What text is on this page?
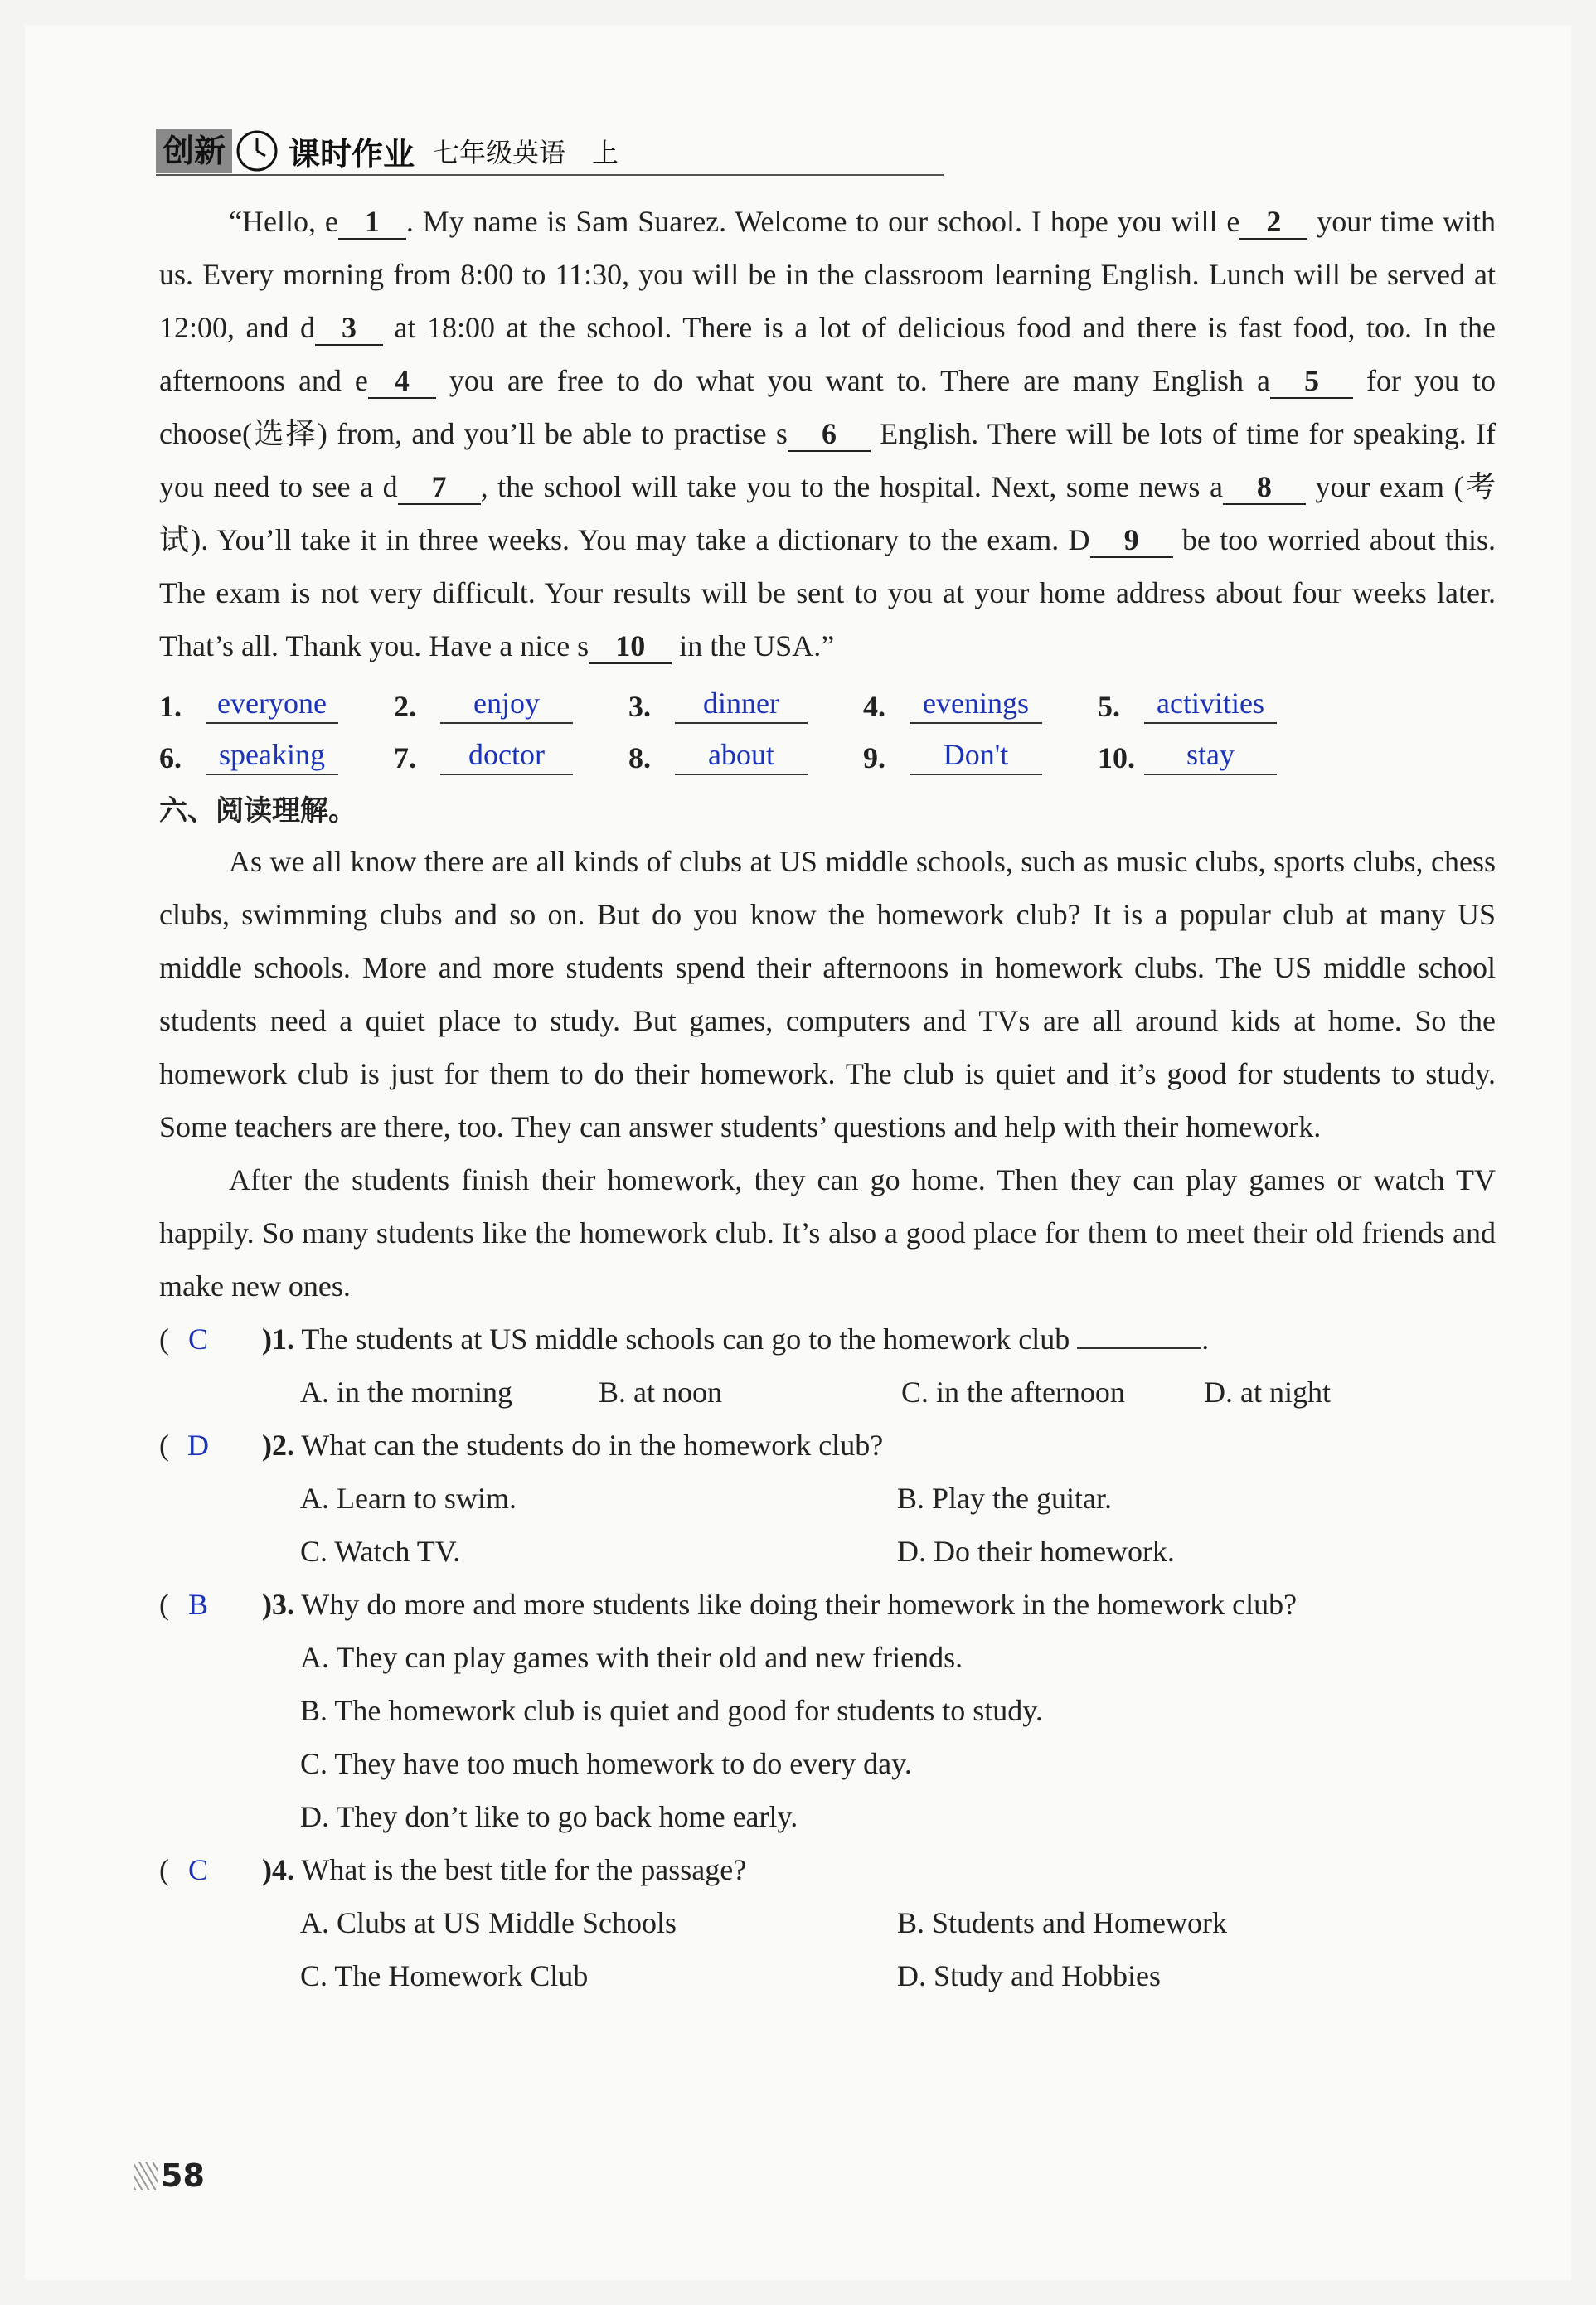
创新 课时作业 七年级英语　上

“Hello, e 1 . My name is Sam Suarez. Welcome to our school. I hope you will e 2 your time with us. Every morning from 8:00 to 11:30, you will be in the classroom learning English. Lunch will be served at 12:00, and d 3 at 18:00 at the school. There is a lot of delicious food and there is fast food, too. In the afternoons and e 4 you are free to do what you want to. There are many English a 5 for you to choose(选择) from, and you’ll be able to practise s 6 English. There will be lots of time for speaking. If you need to see a d 7 , the school will take you to the hospital. Next, some news a 8 your exam (考试). You’ll take it in three weeks. You may take a dictionary to the exam. D 9 be too worried about this. The exam is not very difficult. Your results will be sent to you at your home address about four weeks later. That’s all. Thank you. Have a nice s 10 in the USA.”

1.	everyone	2.	enjoy	3.	dinner	4.	evenings	5.	activities
6.	speaking	7.	doctor	8.	about	9.	Don't	10.	stay
六、阅读理解。

As we all know there are all kinds of clubs at US middle schools, such as music clubs, sports clubs, chess clubs, swimming clubs and so on. But do you know the homework club? It is a popular club at many US middle schools. More and more students spend their afternoons in homework clubs. The US middle school students need a quiet place to study. But games, computers and TVs are all around kids at home. So the homework club is just for them to do their homework. The club is quiet and it’s good for students to study. Some teachers are there, too. They can answer students’ questions and help with their homework.

After the students finish their homework, they can go home. Then they can play games or watch TV happily. So many students like the homework club. It’s also a good place for them to meet their old friends and make new ones.

( C )1. The students at US middle schools can go to the homework club	.
A. in the morning	B. at noon	C. in the afternoon	D. at night
( D )2. What can the students do in the homework club?
A. Learn to swim.	B. Play the guitar.
C. Watch TV.	D. Do their homework.
( B )3. Why do more and more students like doing their homework in the homework club?
A. They can play games with their old and new friends.
B. The homework club is quiet and good for students to study.
C. They have too much homework to do every day.
D. They don’t like to go back home early.
( C )4. What is the best title for the passage?
A. Clubs at US Middle Schools	B. Students and Homework
C. The Homework Club	D. Study and Hobbies
58
